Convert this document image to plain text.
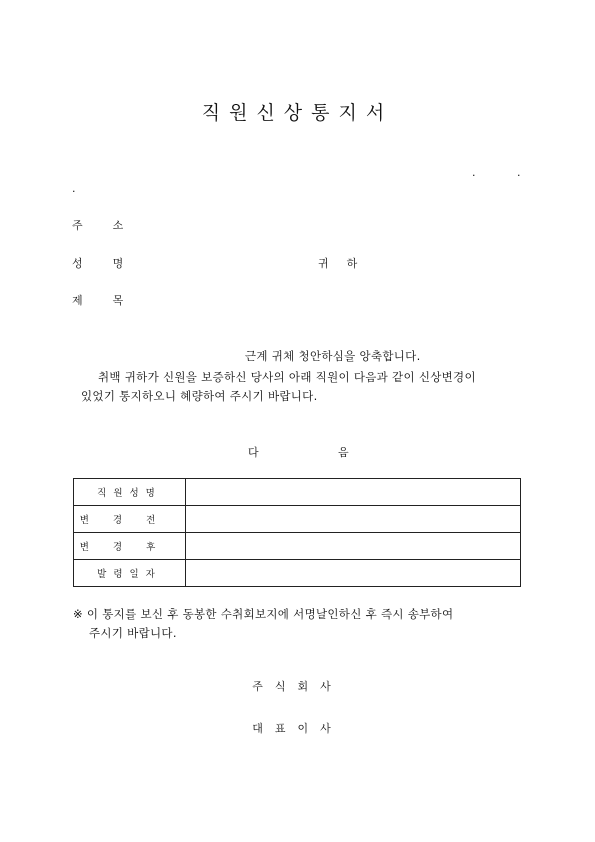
직원신상통지서
.	.
.
주소
성명	귀하
제목
근계 귀체 청안하심을 앙축합니다.
취백 귀하가 신원을 보증하신 당사의 아래 직원이 다음과 같이 신상변경이
있었기 통지하오니 혜량하여 주시기 바랍니다.
다	음
직원성명	
변경전	
변경후	
발령일자	
※ 이 통지를 보신 후 동봉한 수취회보지에 서명날인하신 후 즉시 송부하여
주시기 바랍니다.
주식회사
대표이사
